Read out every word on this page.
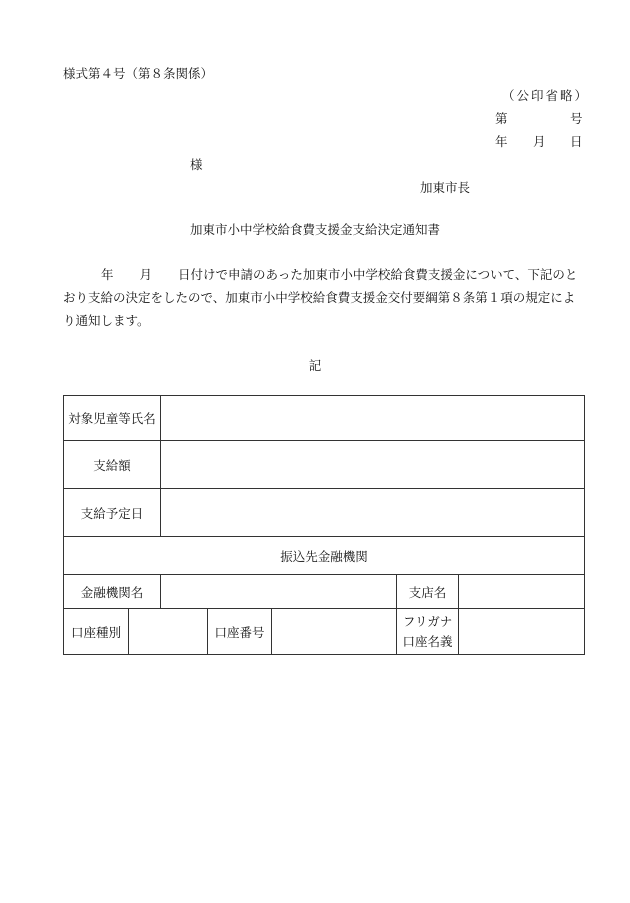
様式第４号（第８条関係）
（公印省略）
第	号
年 月 日
様
加東市長
加東市小中学校給食費支援金支給決定通知書
年 月 日付けで申請のあった加東市小中学校給食費支援金について、下記のとおり支給の決定をしたので、加東市小中学校給食費支援金交付要綱第８条第１項の規定により通知します。
記
対象児童等氏名						
支給額						
支給予定日						
振込先金融機関						
金融機関名					支店名	
口座種別			口座番号		フリガナ
口座名義	
